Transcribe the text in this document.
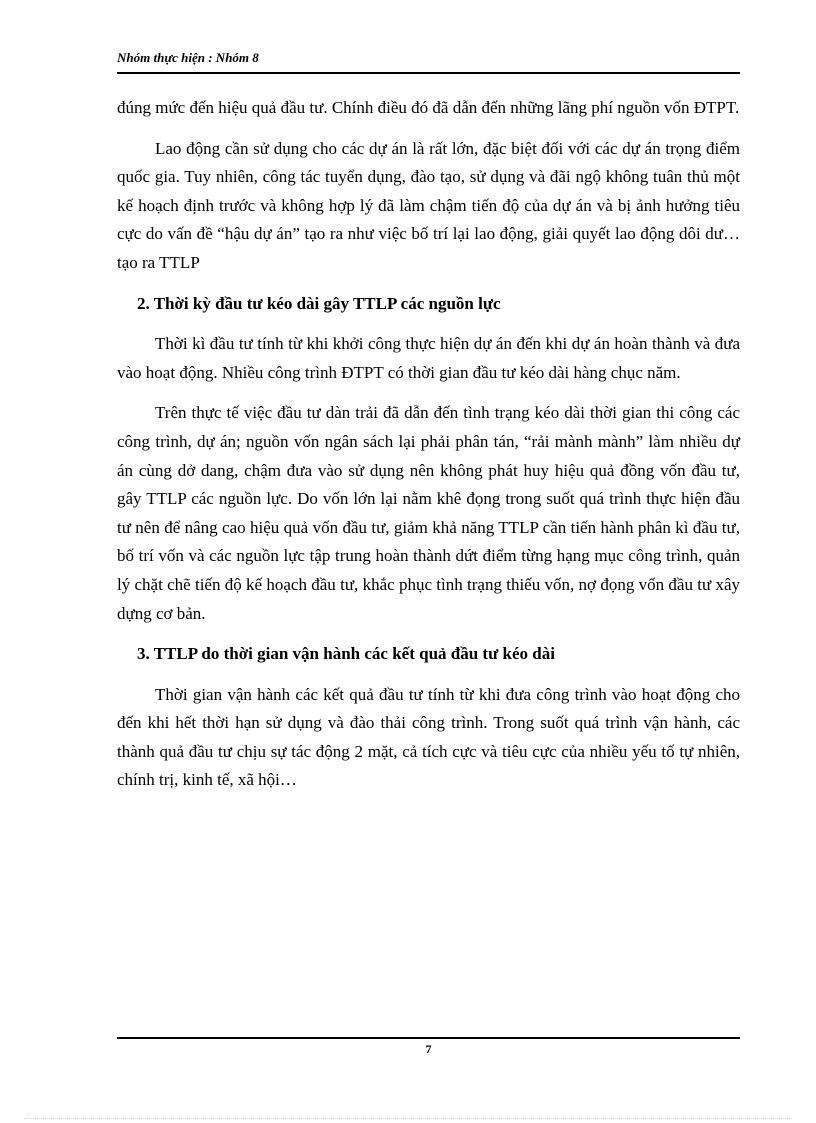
Nhóm thực hiện : Nhóm 8

đúng mức đến hiệu quả đầu tư. Chính điều đó đã dẫn đến những lãng phí nguồn vốn ĐTPT.

Lao động cần sử dụng cho các dự án là rất lớn, đặc biệt đối với các dự án trọng điểm quốc gia. Tuy nhiên, công tác tuyển dụng, đào tạo, sử dụng và đãi ngộ không tuân thủ một kế hoạch định trước và không hợp lý đã làm chậm tiến độ của dự án và bị ảnh hưởng tiêu cực do vấn đề “hậu dự án” tạo ra như việc bố trí lại lao động, giải quyết lao động dôi dư… tạo ra TTLP

2. Thời kỳ đầu tư kéo dài gây TTLP các nguồn lực

Thời kì đầu tư tính từ khi khởi công thực hiện dự án đến khi dự án hoàn thành và đưa vào hoạt động. Nhiều công trình ĐTPT có thời gian đầu tư kéo dài hàng chục năm.

Trên thực tế việc đầu tư dàn trải đã dẫn đến tình trạng kéo dài thời gian thi công các công trình, dự án; nguồn vốn ngân sách lại phải phân tán, “rải mành mành” làm nhiều dự án cùng dở dang, chậm đưa vào sử dụng nên không phát huy hiệu quả đồng vốn đầu tư, gây TTLP các nguồn lực. Do vốn lớn lại nằm khê đọng trong suốt quá trình thực hiện đầu tư nên để nâng cao hiệu quả vốn đầu tư, giảm khả năng TTLP cần tiến hành phân kì đầu tư, bố trí vốn và các nguồn lực tập trung hoàn thành dứt điểm từng hạng mục công trình, quản lý chặt chẽ tiến độ kế hoạch đầu tư, khắc phục tình trạng thiếu vốn, nợ đọng vốn đầu tư xây dựng cơ bản.

3. TTLP do thời gian vận hành các kết quả đầu tư kéo dài

Thời gian vận hành các kết quả đầu tư tính từ khi đưa công trình vào hoạt động cho đến khi hết thời hạn sử dụng và đào thải công trình. Trong suốt quá trình vận hành, các thành quả đầu tư chịu sự tác động 2 mặt, cả tích cực và tiêu cực của nhiều yếu tố tự nhiên, chính trị, kinh tế, xã hội…

7
